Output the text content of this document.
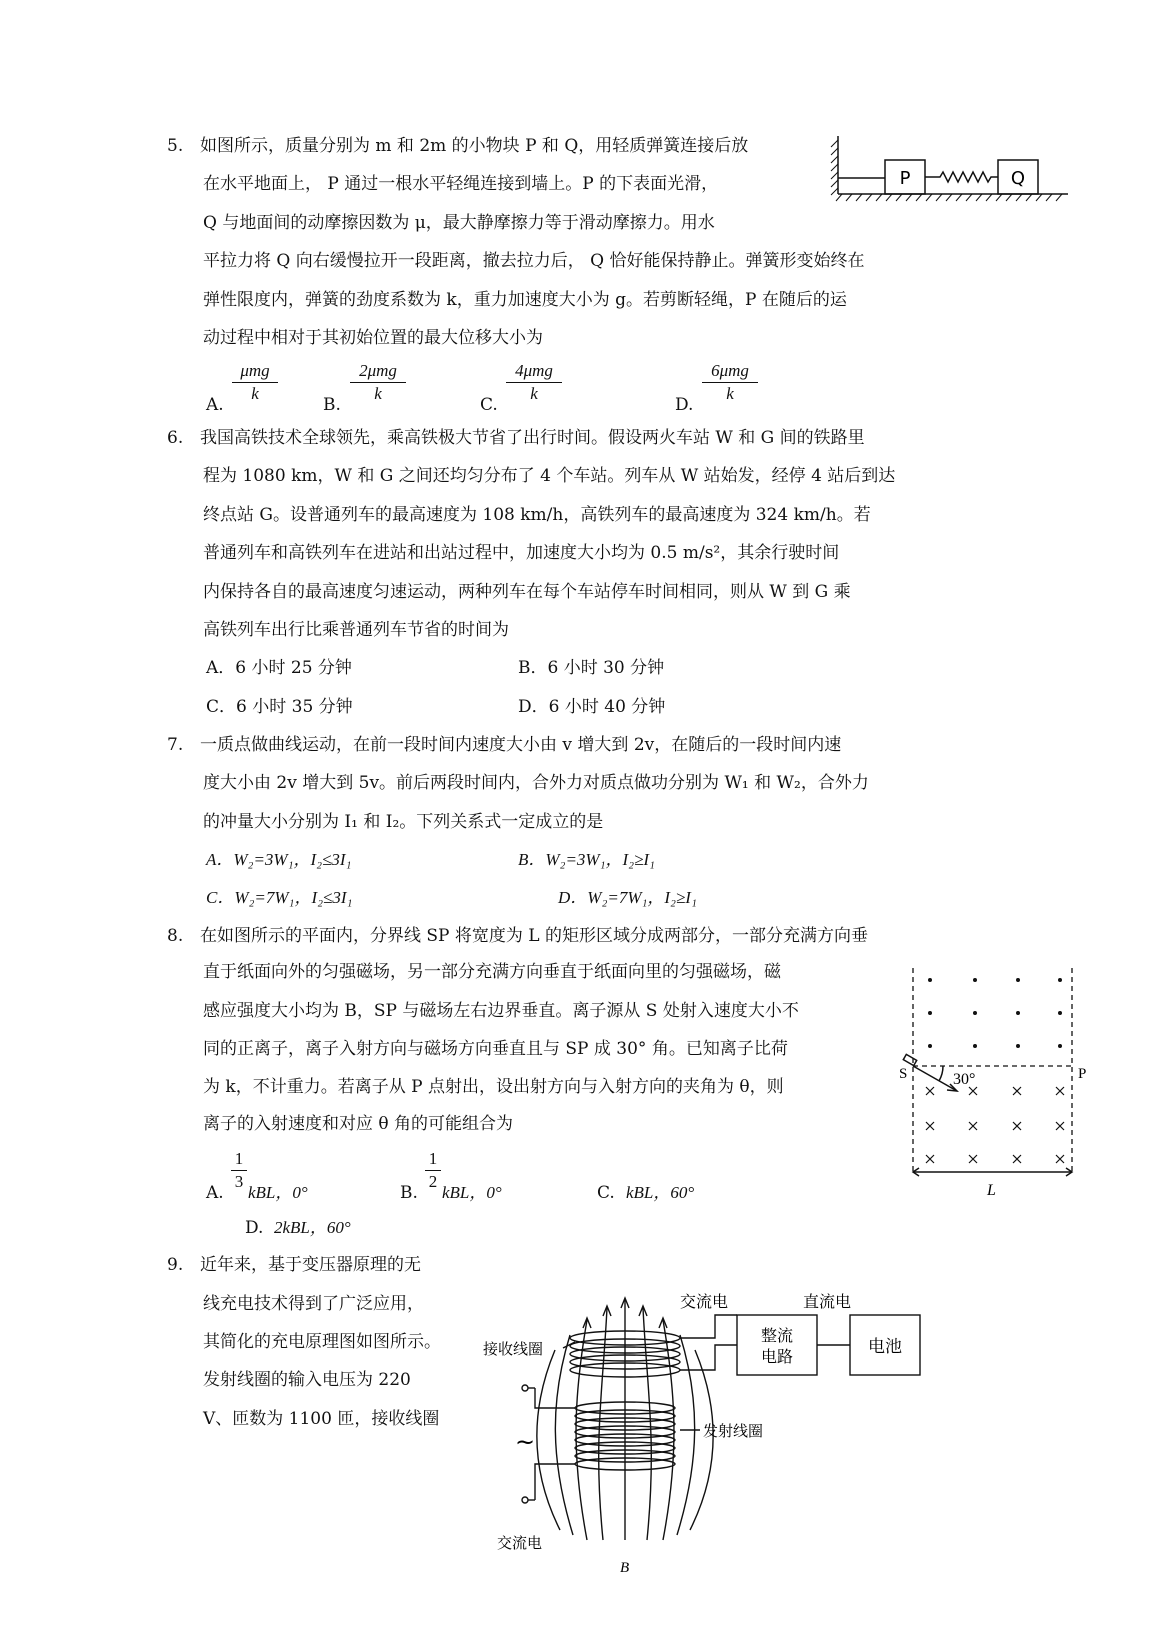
5. 如图所示，质量分别为 m 和 2m 的小物块 P 和 Q，用轻质弹簧连接后放
在水平地面上， P 通过一根水平轻绳连接到墙上。P 的下表面光滑，
Q 与地面间的动摩擦因数为 μ，最大静摩擦力等于滑动摩擦力。用水
平拉力将 Q 向右缓慢拉开一段距离，撤去拉力后， Q 恰好能保持静止。弹簧形变始终在
弹性限度内，弹簧的劲度系数为 k，重力加速度大小为 g。若剪断轻绳，P 在随后的运
动过程中相对于其初始位置的最大位移大小为
A.
μmg
k
B.
2μmg
k
C.
4μmg
k
D.
6μmg
k
P	Q
6. 我国高铁技术全球领先，乘高铁极大节省了出行时间。假设两火车站 W 和 G 间的铁路里
程为 1080 km，W 和 G 之间还均匀分布了 4 个车站。列车从 W 站始发，经停 4 站后到达
终点站 G。设普通列车的最高速度为 108 km/h，高铁列车的最高速度为 324 km/h。若
普通列车和高铁列车在进站和出站过程中，加速度大小均为 0.5 m/s²，其余行驶时间
内保持各自的最高速度匀速运动，两种列车在每个车站停车时间相同，则从 W 到 G 乘
高铁列车出行比乘普通列车节省的时间为
A．6 小时 25 分钟	B．6 小时 30 分钟
C．6 小时 35 分钟	D．6 小时 40 分钟
7. 一质点做曲线运动，在前一段时间内速度大小由 v 增大到 2v，在随后的一段时间内速
度大小由 2v 增大到 5v。前后两段时间内，合外力对质点做功分别为 W₁ 和 W₂，合外力
的冲量大小分别为 I₁ 和 I₂。下列关系式一定成立的是
A．W₂=3W₁，I₂≤3I₁	B．W₂=3W₁，I₂≥I₁
C．W₂=7W₁，I₂≤3I₁	D．W₂=7W₁，I₂≥I₁
8. 在如图所示的平面内，分界线 SP 将宽度为 L 的矩形区域分成两部分，一部分充满方向垂
直于纸面向外的匀强磁场，另一部分充满方向垂直于纸面向里的匀强磁场，磁
感应强度大小均为 B，SP 与磁场左右边界垂直。离子源从 S 处射入速度大小不
同的正离子，离子入射方向与磁场方向垂直且与 SP 成 30° 角。已知离子比荷
为 k，不计重力。若离子从 P 点射出，设出射方向与入射方向的夹角为 θ，则
离子的入射速度和对应 θ 角的可能组合为
A. $\frac{1}{3}$ kBL，0°	B. $\frac{1}{2}$ kBL，0°	C. kBL，60°
D. 2kBL，60°
S	P
30°
L
9. 近年来，基于变压器原理的无
线充电技术得到了广泛应用，
其简化的充电原理图如图所示。
发射线圈的输入电压为 220
V、匝数为 1100 匝，接收线圈
交流电	直流电
整流
电路	电池
接收线圈
发射线圈
交流电
~
B
